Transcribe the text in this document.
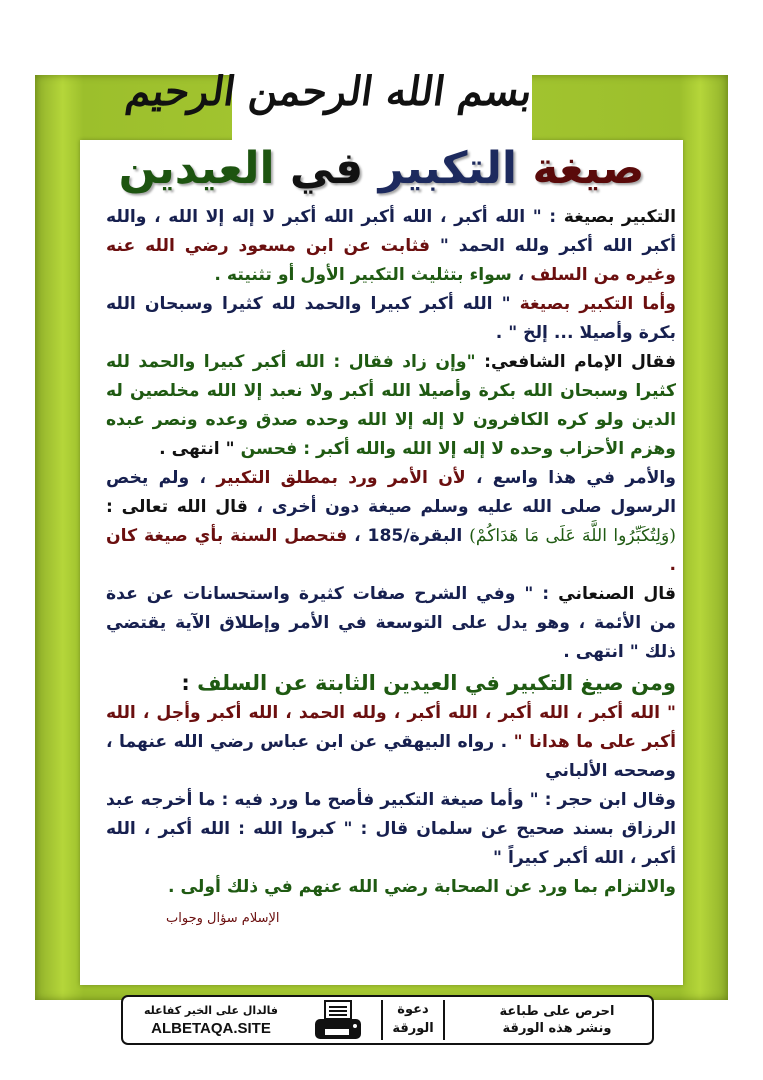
بسم الله الرحمن الرحيم
صيغة التكبير في العيدين

التكبير بصيغة : " الله أكبر ، الله أكبر الله أكبر لا إله إلا الله ، والله أكبر الله أكبر ولله الحمد " فثابت عن ابن مسعود رضي الله عنه وغيره من السلف ، سواء بتثليث التكبير الأول أو تثنيته .

وأما التكبير بصيغة " الله أكبر كبيرا والحمد لله كثيرا وسبحان الله بكرة وأصيلا ... إلخ " .

فقال الإمام الشافعي: "وإن زاد فقال : الله أكبر كبيرا والحمد لله كثيرا وسبحان الله بكرة وأصيلا الله أكبر ولا نعبد إلا الله مخلصين له الدين ولو كره الكافرون لا إله إلا الله وحده صدق وعده ونصر عبده وهزم الأحزاب وحده لا إله إلا الله والله أكبر : فحسن " انتهى .

والأمر في هذا واسع ، لأن الأمر ورد بمطلق التكبير ، ولم يخص الرسول صلى الله عليه وسلم صيغة دون أخرى ، قال الله تعالى : (وَلِتُكَبِّرُوا اللَّهَ عَلَى مَا هَدَاكُمْ) البقرة/185 ، فتحصل السنة بأي صيغة كان .

قال الصنعاني : " وفي الشرح صفات كثيرة واستحسانات عن عدة من الأئمة ، وهو يدل على التوسعة في الأمر وإطلاق الآية يقتضي ذلك " انتهى .

ومن صيغ التكبير في العيدين الثابتة عن السلف :

" الله أكبر ، الله أكبر ، الله أكبر ، ولله الحمد ، الله أكبر وأجل ، الله أكبر على ما هدانا " . رواه البيهقي عن ابن عباس رضي الله عنهما ، وصححه الألباني

وقال ابن حجر : " وأما صيغة التكبير فأصح ما ورد فيه : ما أخرجه عبد الرزاق بسند صحيح عن سلمان قال : " كبروا الله : الله أكبر ، الله أكبر ، الله أكبر كبيراً "

والالتزام بما ورد عن الصحابة رضي الله عنهم في ذلك أولى .

الإسلام سؤال وجواب
احرص على طباعة
ونشر هذه الورقة
دعوة
الورقة
فالدال على الخير كفاعله
ALBETAQA.SITE
